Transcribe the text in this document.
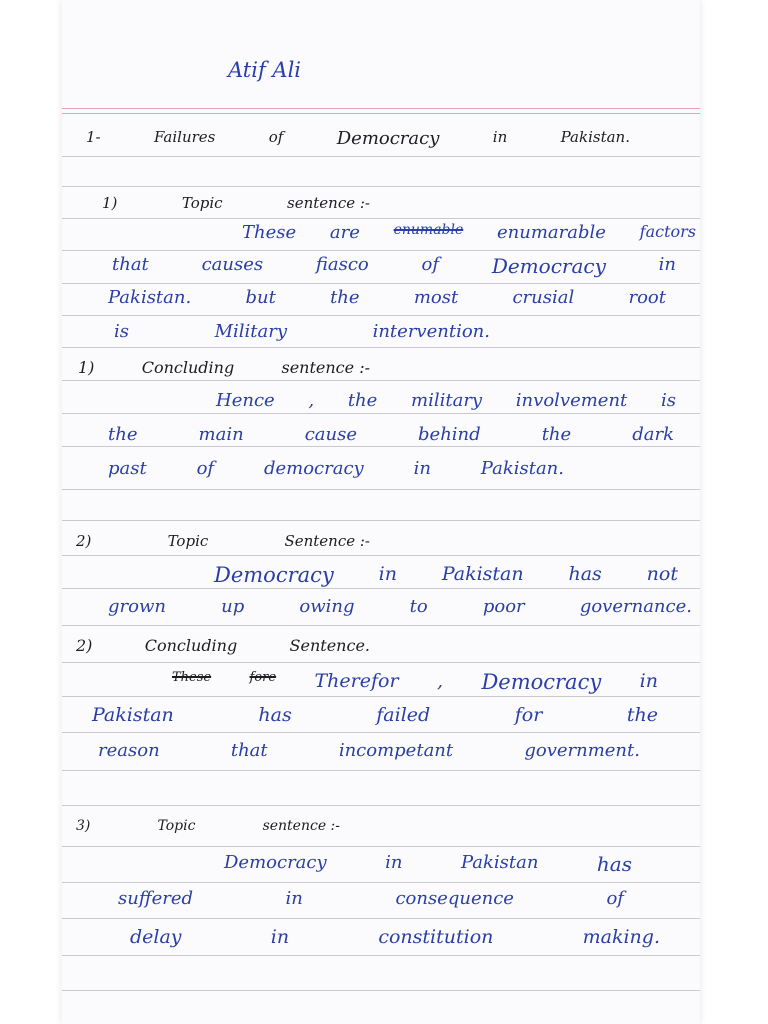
Atif Ali
1-	Failures	of	Democracy	in	Pakistan.
1)	Topic	sentence :-
These are enumable enumarable factors
that	causes	fiasco	of	Democracy	in
Pakistan.	but	the	most	crusial	root
is	Military	intervention.
1)	Concluding	sentence :-
Hence , the military involvement is
the	main	cause	behind	the	dark
past	of	democracy	in	Pakistan.
2)	Topic	Sentence :-
Democracy in Pakistan has not
grown	up	owing	to	poor	governance.
2)	Concluding	Sentence.
These	fore Therefor , Democracy in
Pakistan	has	failed	for	the
reason	that	incompetant	government.
3)	Topic	sentence :-
Democracy	in	Pakistan	has
suffered	in	consequence	of
delay	in	constitution	making.
